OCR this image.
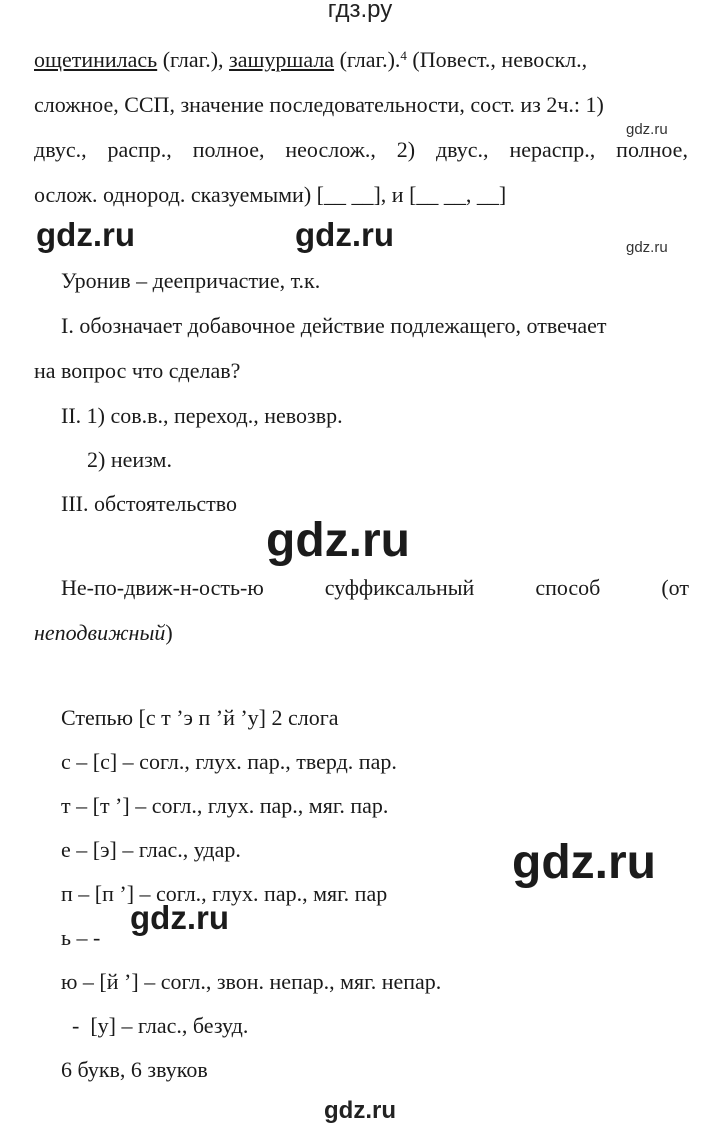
гдз.ру
ощетинилась (глаг.), зашуршала (глаг.).$^4$ (Повест., невоскл.,
сложное, ССП, значение последовательности, сост. из 2ч.: 1)
двус., распр., полное, неослож., 2) двус., нераспр., полное,
ослож. однород. сказуемыми) [__ __], и [__ __, __]
gdz.ru
gdz.ru
gdz.ru	gdz.ru
Уронив – деепричастие, т.к.
I. обозначает добавочное действие подлежащего, отвечает
на вопрос что сделав?
II. 1) сов.в., переход., невозвр.
2) неизм.
III. обстоятельство
gdz.ru
Не-по-движ-н-ость-ю	суффиксальный	способ	(от
неподвижный)
Степью [с т ’э п ’й ’у] 2 слога
с – [с] – согл., глух. пар., тверд. пар.
т – [т ’] – согл., глух. пар., мяг. пар.
е – [э] – глас., удар.
п – [п ’] – согл., глух. пар., мяг. пар
ь – -
ю – [й ’] – согл., звон. непар., мяг. непар.
-  [у] – глас., безуд.
6 букв, 6 звуков
gdz.ru
gdz.ru
gdz.ru
